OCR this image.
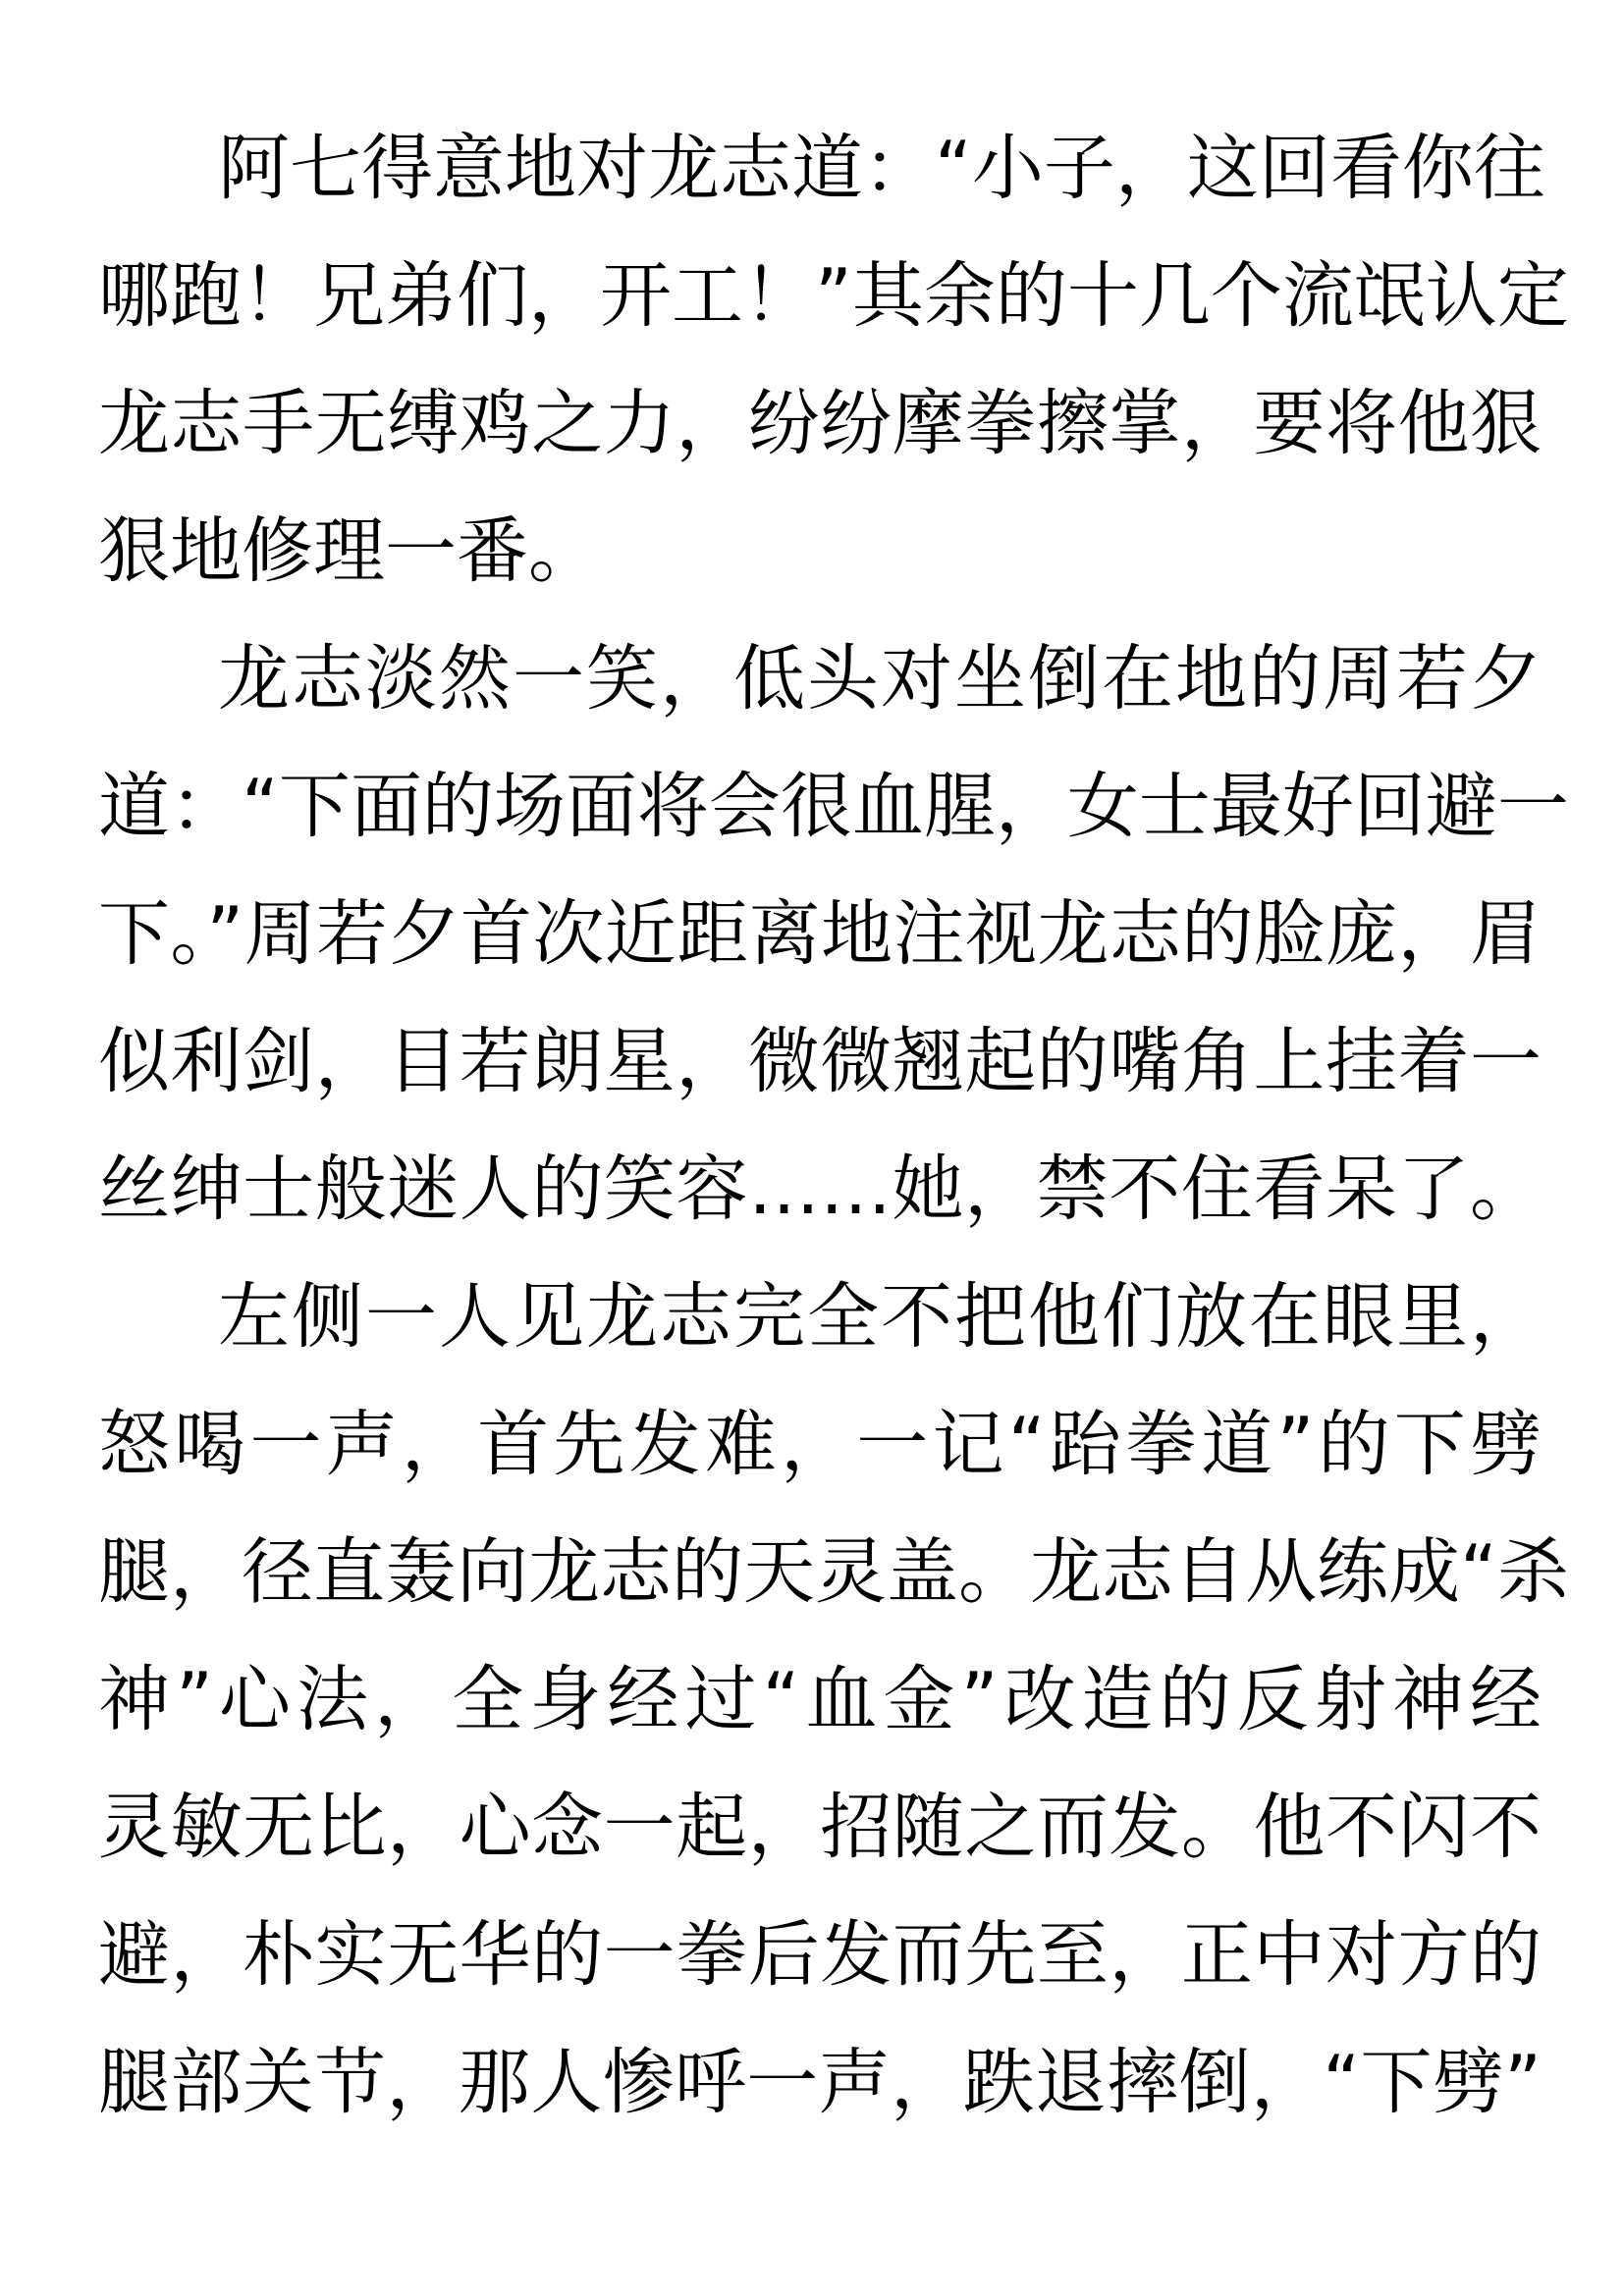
阿七得意地对龙志道：“小子，这回看你往
哪跑！兄弟们，开工！”其余的十几个流氓认定
龙志手无缚鸡之力，纷纷摩拳擦掌，要将他狠
狠地修理一番。
龙志淡然一笑，低头对坐倒在地的周若夕
道：“下面的场面将会很血腥，女士最好回避一
下。”周若夕首次近距离地注视龙志的脸庞，眉
似利剑，目若朗星，微微翘起的嘴角上挂着一
丝绅士般迷人的笑容……她，禁不住看呆了。
左侧一人见龙志完全不把他们放在眼里，
怒喝一声，首先发难，一记“跆拳道”的下劈
腿，径直轰向龙志的天灵盖。龙志自从练成“杀
神”心法，全身经过“血金”改造的反射神经
灵敏无比，心念一起，招随之而发。他不闪不
避，朴实无华的一拳后发而先至，正中对方的
腿部关节，那人惨呼一声，跌退摔倒，“下劈”
